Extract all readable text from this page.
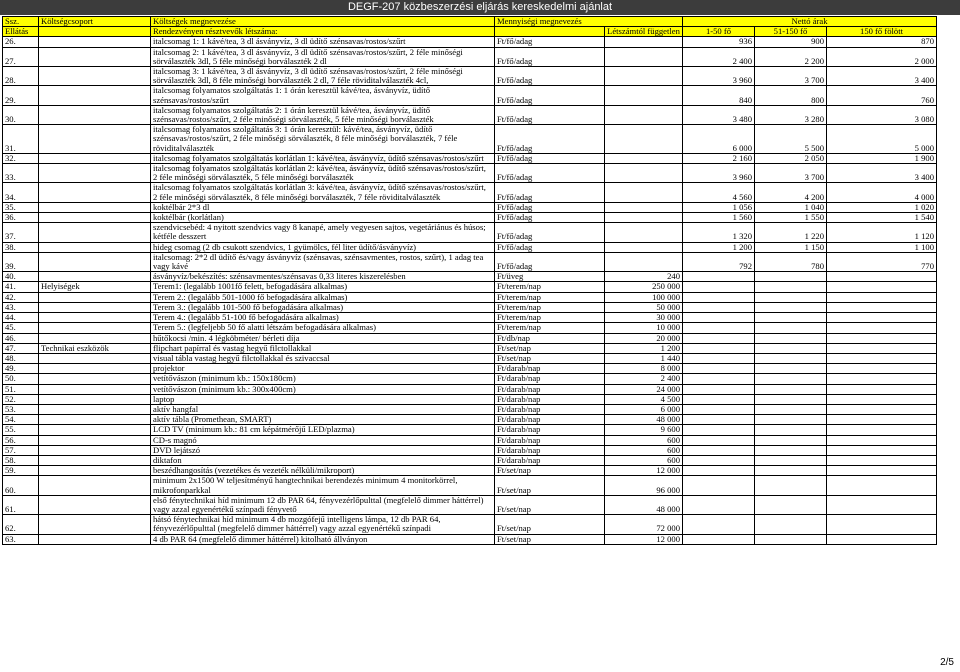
DEGF-207 közbeszerzési eljárás kereskedelmi ajánlat
Ssz.	Költségcsoport	Költségek megnevezése	Mennyiségi megnevezés		Nettó árak		
Ellátás		Rendezvényen résztvevők létszáma:		Létszámtól független	1-50 fő	51-150 fő	150 fő fölött
26.		italcsomag 1: 1 kávé/tea, 3 dl ásványvíz, 3 dl üdítő szénsavas/rostos/szűrt	Ft/fő/adag		936	900	870
27.		italcsomag 2: 1 kávé/tea, 3 dl ásványvíz, 3 dl üdítő szénsavas/rostos/szűrt, 2 féle minőségi sörválaszték 3dl, 5 féle minőségi borválaszték 2 dl	Ft/fő/adag		2 400	2 200	2 000
28.		italcsomag 3: 1 kávé/tea, 3 dl ásványvíz, 3 dl üdítő szénsavas/rostos/szűrt, 2 féle minőségi sörválaszték 3dl, 8 féle minőségi borválaszték 2 dl, 7 féle röviditalválaszték 4cl,	Ft/fő/adag		3 960	3 700	3 400
29.		italcsomag folyamatos szolgáltatás 1: 1 órán keresztül kávé/tea, ásványvíz, üdítő szénsavas/rostos/szűrt	Ft/fő/adag		840	800	760
30.		italcsomag folyamatos szolgáltatás 2: 1 órán keresztül kávé/tea, ásványvíz, üdítő szénsavas/rostos/szűrt, 2 féle minőségi sörválaszték, 5 féle minőségi borválaszték	Ft/fő/adag		3 480	3 280	3 080
31.		italcsomag folyamatos szolgáltatás 3: 1 órán keresztül: kávé/tea, ásványvíz, üdítő szénsavas/rostos/szűrt, 2 féle minőségi sörválaszték, 8 féle minőségi borválaszték, 7 féle röviditalválaszték	Ft/fő/adag		6 000	5 500	5 000
32.		italcsomag folyamatos szolgáltatás korlátlan 1: kávé/tea, ásványvíz, üdítő szénsavas/rostos/szűrt	Ft/fő/adag		2 160	2 050	1 900
33.		italcsomag folyamatos szolgáltatás korlátlan 2: kávé/tea, ásványvíz, üdítő szénsavas/rostos/szűrt, 2 féle minőségi sörválaszték, 5 féle minőségi borválaszték	Ft/fő/adag		3 960	3 700	3 400
34.		italcsomag folyamatos szolgáltatás korlátlan 3: kávé/tea, ásványvíz, üdítő szénsavas/rostos/szűrt, 2 féle minőségi sörválaszték, 8 féle minőségi borválaszték, 7 féle röviditalválaszték	Ft/fő/adag		4 560	4 200	4 000
35.		koktélbár 2*3 dl	Ft/fő/adag		1 056	1 040	1 020
36.		koktélbár (korlátlan)	Ft/fő/adag		1 560	1 550	1 540
37.		szendvicsebéd: 4 nyitott szendvics vagy 8 kanapé, amely vegyesen sajtos, vegetáriánus és húsos; kétféle desszert	Ft/fő/adag		1 320	1 220	1 120
38.		hideg csomag (2 db csukott szendvics, 1 gyümölcs, fél liter üdítő/ásványvíz)	Ft/fő/adag		1 200	1 150	1 100
39.		italcsomag: 2*2 dl üdítő és/vagy ásványvíz (szénsavas, szénsavmentes, rostos, szűrt), 1 adag tea vagy kávé	Ft/fő/adag		792	780	770
40.		ásványvíz/bekészítés: szénsavmentes/szénsavas 0,33 literes kiszerelésben	Ft/üveg	240			
41.	Helyiségek	Terem1: (legalább 1001fő felett, befogadására alkalmas)	Ft/terem/nap	250 000			
42.		Terem 2.: (legalább 501-1000 fő befogadására alkalmas)	Ft/terem/nap	100 000			
43.		Terem 3.: (legalább 101-500 fő befogadására alkalmas)	Ft/terem/nap	50 000			
44.		Terem 4.: (legalább 51-100 fő befogadására alkalmas)	Ft/terem/nap	30 000			
45.		Terem 5.: (legfeljebb 50 fő alatti létszám befogadására alkalmas)	Ft/terem/nap	10 000			
46.		hűtőkocsi /min. 4 légköbméter/ bérleti díja	Ft/db/nap	20 000			
47.	Technikai eszközök	flipchart papírral és vastag hegyű filctollakkal	Ft/set/nap	1 200			
48.		visual tábla vastag hegyű filctollakkal és szivaccsal	Ft/set/nap	1 440			
49.		projektor	Ft/darab/nap	8 000			
50.		vetítővászon (minimum kb.: 150x180cm)	Ft/darab/nap	2 400			
51.		vetítővászon (minimum kb.: 300x400cm)	Ft/darab/nap	24 000			
52.		laptop	Ft/darab/nap	4 500			
53.		aktív hangfal	Ft/darab/nap	6 000			
54.		aktív tábla (Promethean, SMART)	Ft/darab/nap	48 000			
55.		LCD TV (minimum kb.: 81 cm képátmérőjű LED/plazma)	Ft/darab/nap	9 600			
56.		CD-s magnó	Ft/darab/nap	600			
57.		DVD lejátszó	Ft/darab/nap	600			
58.		diktafon	Ft/darab/nap	600			
59.		beszédhangosítás (vezetékes és vezeték nélküli/mikroport)	Ft/set/nap	12 000			
60.		minimum 2x1500 W teljesítményű hangtechnikai berendezés minimum 4 monitorkörrel, mikrofonparkkal	Ft/set/nap	96 000			
61.		első fénytechnikai híd minimum 12 db PAR 64, fényvezérlőpulttal (megfelelő dimmer háttérrel) vagy azzal egyenértékű színpadi fényvető	Ft/set/nap	48 000			
62.		hátsó fénytechnikai híd minimum 4 db mozgófejű intelligens lámpa, 12 db PAR 64, fényvezérlőpulttal (megfelelő dimmer háttérrel) vagy azzal egyenértékű színpadi	Ft/set/nap	72 000			
63.		4 db PAR 64 (megfelelő dimmer háttérrel) kitolható állványon	Ft/set/nap	12 000			
2/5
